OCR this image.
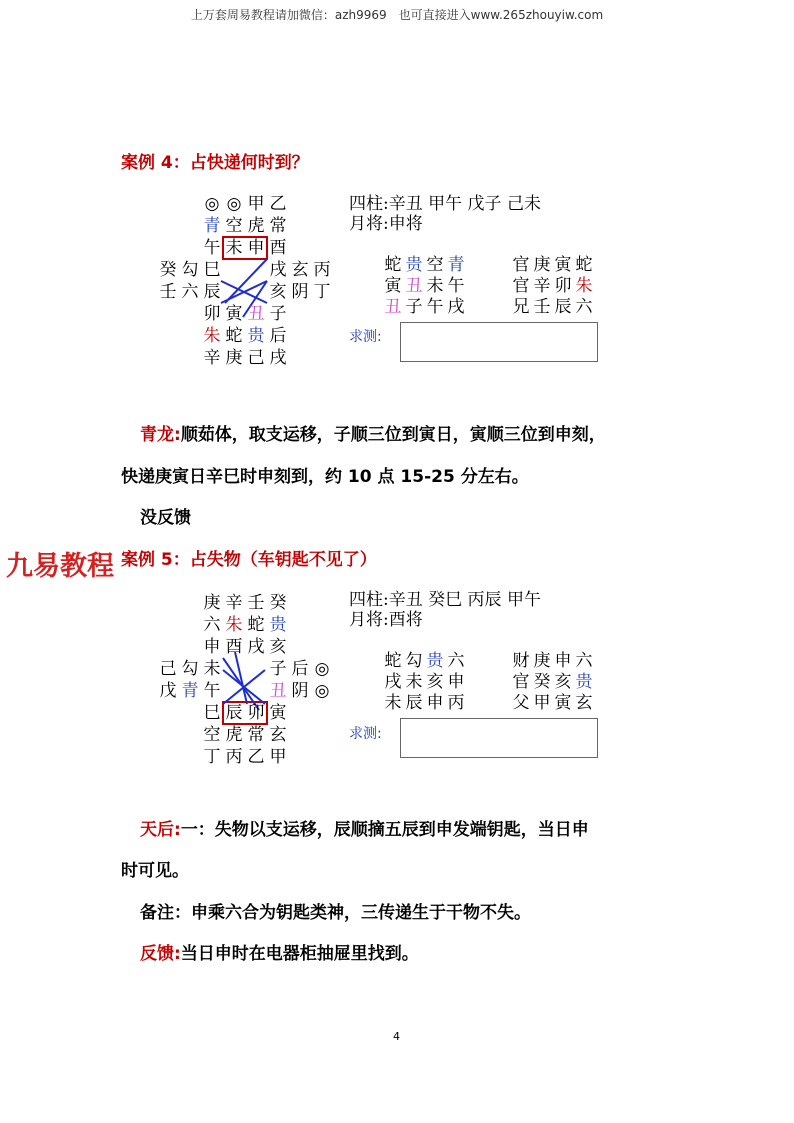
上万套周易教程请加微信：azh9969　也可直接进入www.265zhouyiw.com
案例 4：占快递何时到？
◎ ◎ 甲 乙
青 空 虎 常
午 未 申 酉
癸 勾 巳	戌 玄 丙
壬 六 辰	亥 阴 丁
卯 寅 丑 子
朱 蛇 贵 后
辛 庚 己 戌
四柱:辛丑 甲午 戊子 己未
月将:申将
蛇 贵 空 青
寅 丑 未 午
丑 子 午 戌
官 庚 寅 蛇
官 辛 卯 朱
兄 壬 辰 六
求测:
青龙:顺茹体，取支运移，子顺三位到寅日，寅顺三位到申刻，
快递庚寅日辛巳时申刻到，约 10 点 15-25 分左右。
没反馈
九易教程 案例 5：占失物（车钥匙不见了）
庚 辛 壬 癸
六 朱 蛇 贵
申 酉 戌 亥
己 勾 未	子 后 ◎
戊 青 午	丑 阴 ◎
巳 辰 卯 寅
空 虎 常 玄
丁 丙 乙 甲
四柱:辛丑 癸巳 丙辰 甲午
月将:酉将
蛇 勾 贵 六
戌 未 亥 申
未 辰 申 丙
财 庚 申 六
官 癸 亥 贵
父 甲 寅 玄
求测:
天后:一：失物以支运移，辰顺摘五辰到申发端钥匙，当日申
时可见。
备注：申乘六合为钥匙类神，三传递生于干物不失。
反馈:当日申时在电器柜抽屉里找到。
4
